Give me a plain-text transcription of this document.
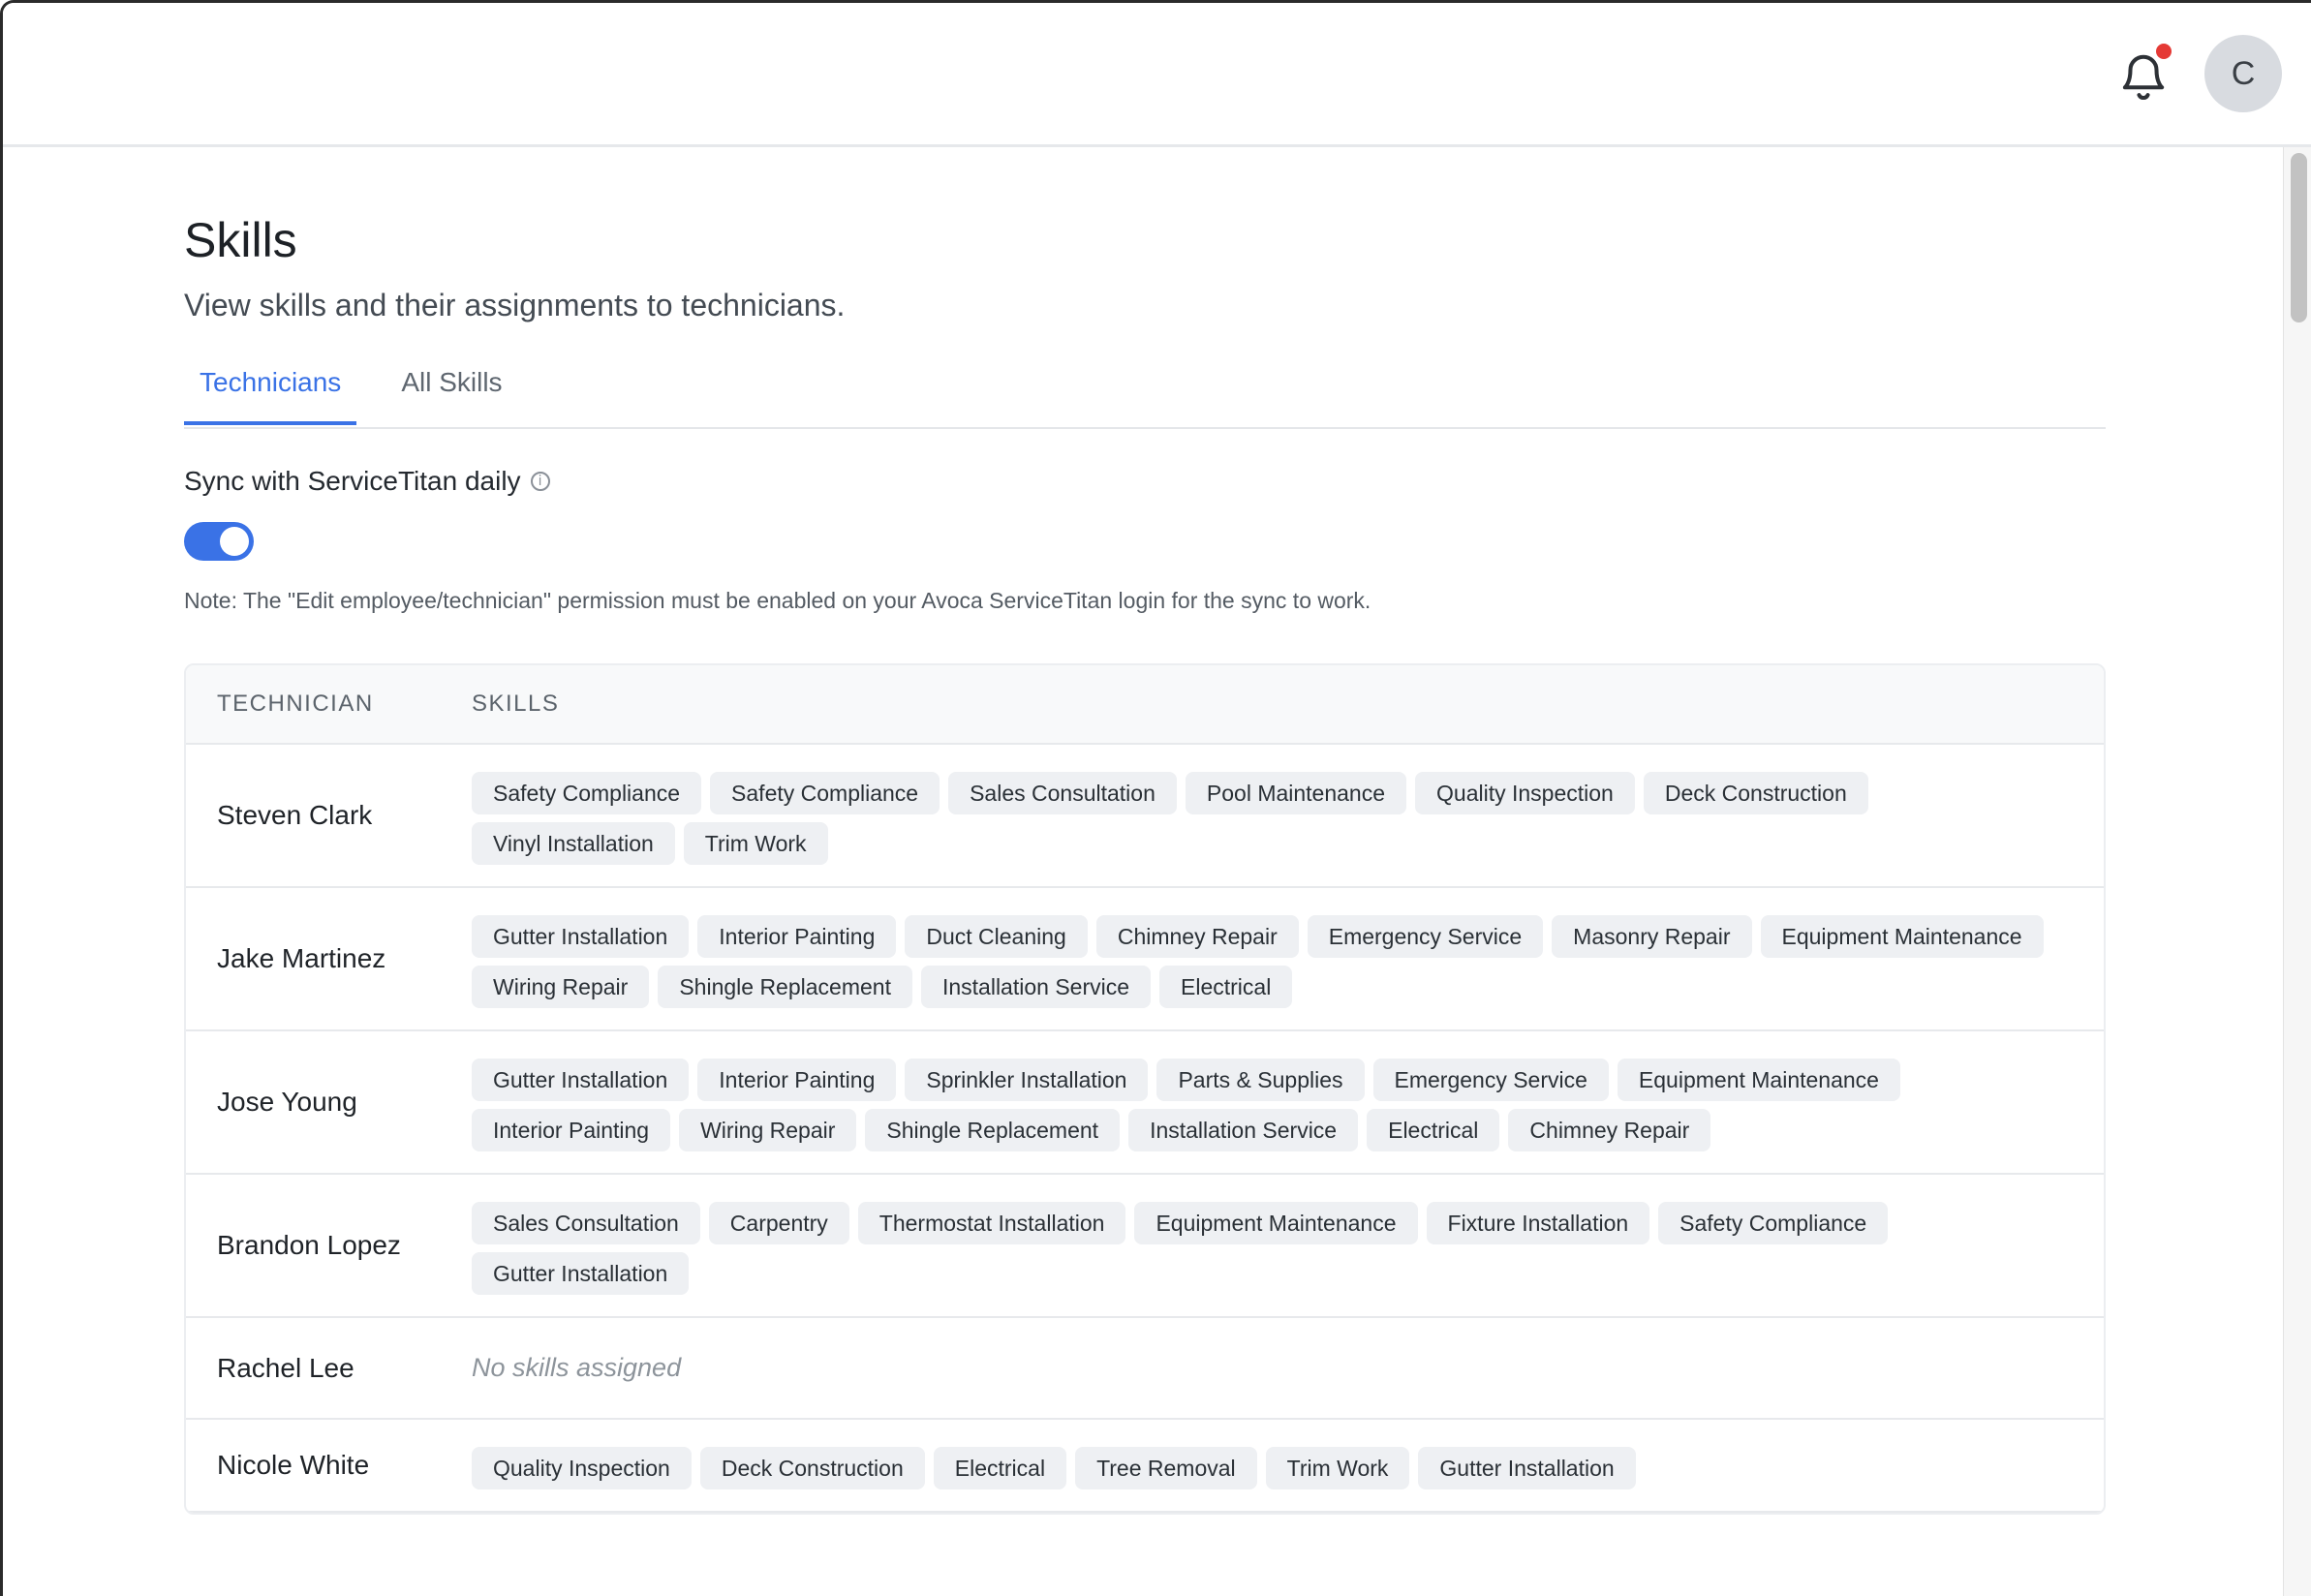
C
Skills
View skills and their assignments to technicians.
Technicians	All Skills
Sync with ServiceTitan daily	i
Note: The "Edit employee/technician" permission must be enabled on your Avoca ServiceTitan login for the sync to work.
TECHNICIAN	SKILLS
Steven Clark
Safety Compliance	Safety Compliance	Sales Consultation	Pool Maintenance	Quality Inspection	Deck Construction
Vinyl Installation	Trim Work
Jake Martinez
Gutter Installation	Interior Painting	Duct Cleaning	Chimney Repair	Emergency Service	Masonry Repair	Equipment Maintenance
Wiring Repair	Shingle Replacement	Installation Service	Electrical
Jose Young
Gutter Installation	Interior Painting	Sprinkler Installation	Parts & Supplies	Emergency Service	Equipment Maintenance
Interior Painting	Wiring Repair	Shingle Replacement	Installation Service	Electrical	Chimney Repair
Brandon Lopez
Sales Consultation	Carpentry	Thermostat Installation	Equipment Maintenance	Fixture Installation	Safety Compliance
Gutter Installation
Rachel Lee	No skills assigned
Nicole White	Quality Inspection	Deck Construction	Electrical	Tree Removal	Trim Work	Gutter Installation
